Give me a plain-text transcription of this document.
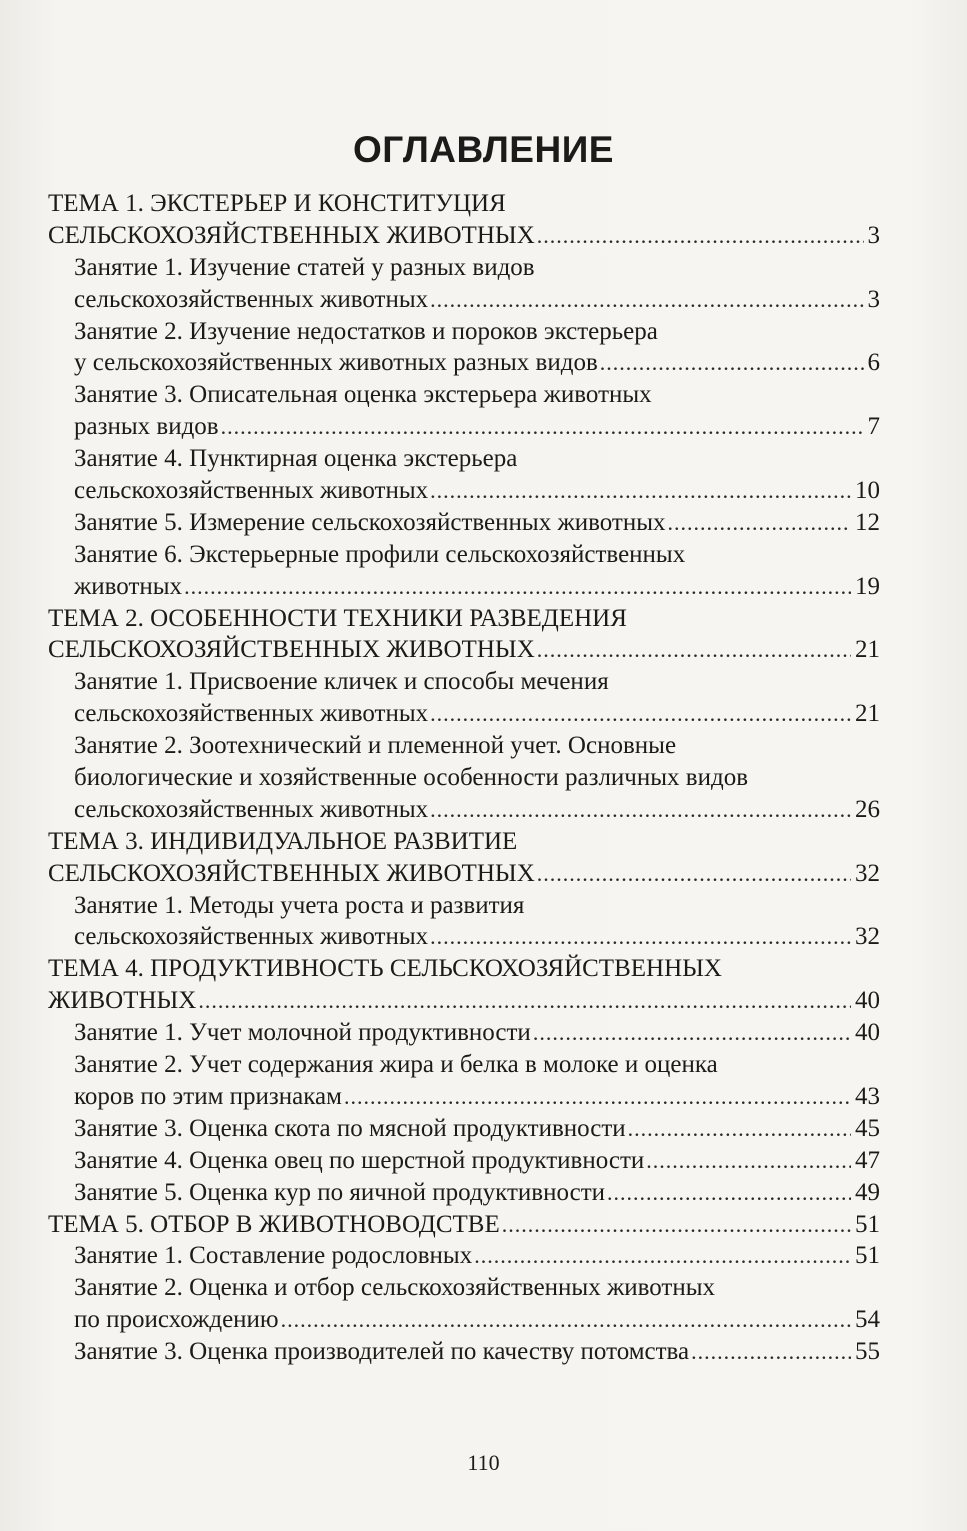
ОГЛАВЛЕНИЕ
ТЕМА 1. ЭКСТЕРЬЕР И КОНСТИТУЦИЯ
СЕЛЬСКОХОЗЯЙСТВЕННЫХ ЖИВОТНЫХ .....	3
Занятие 1. Изучение статей у разных видов
сельскохозяйственных животных .....	3
Занятие 2. Изучение недостатков и пороков экстерьера
у сельскохозяйственных животных разных видов .....	6
Занятие 3. Описательная оценка экстерьера животных
разных видов .....	7
Занятие 4. Пунктирная оценка экстерьера
сельскохозяйственных животных .....	10
Занятие 5. Измерение сельскохозяйственных животных .....	12
Занятие 6. Экстерьерные профили сельскохозяйственных
животных .....	19
ТЕМА 2. ОСОБЕННОСТИ ТЕХНИКИ РАЗВЕДЕНИЯ
СЕЛЬСКОХОЗЯЙСТВЕННЫХ ЖИВОТНЫХ .....	21
Занятие 1. Присвоение кличек и способы мечения
сельскохозяйственных животных .....	21
Занятие 2. Зоотехнический и племенной учет. Основные
биологические и хозяйственные особенности различных видов
сельскохозяйственных животных .....	26
ТЕМА 3. ИНДИВИДУАЛЬНОЕ РАЗВИТИЕ
СЕЛЬСКОХОЗЯЙСТВЕННЫХ ЖИВОТНЫХ .....	32
Занятие 1. Методы учета роста и развития
сельскохозяйственных животных .....	32
ТЕМА 4. ПРОДУКТИВНОСТЬ СЕЛЬСКОХОЗЯЙСТВЕННЫХ
ЖИВОТНЫХ .....	40
Занятие 1. Учет молочной продуктивности .....	40
Занятие 2. Учет содержания жира и белка в молоке и оценка
коров по этим признакам .....	43
Занятие 3. Оценка скота по мясной продуктивности .....	45
Занятие 4. Оценка овец по шерстной продуктивности .....	47
Занятие 5. Оценка кур по яичной продуктивности .....	49
ТЕМА 5. ОТБОР В ЖИВОТНОВОДСТВЕ .....	51
Занятие 1. Составление родословных .....	51
Занятие 2. Оценка и отбор сельскохозяйственных животных
по происхождению .....	54
Занятие 3. Оценка производителей по качеству потомства .....	55
110
